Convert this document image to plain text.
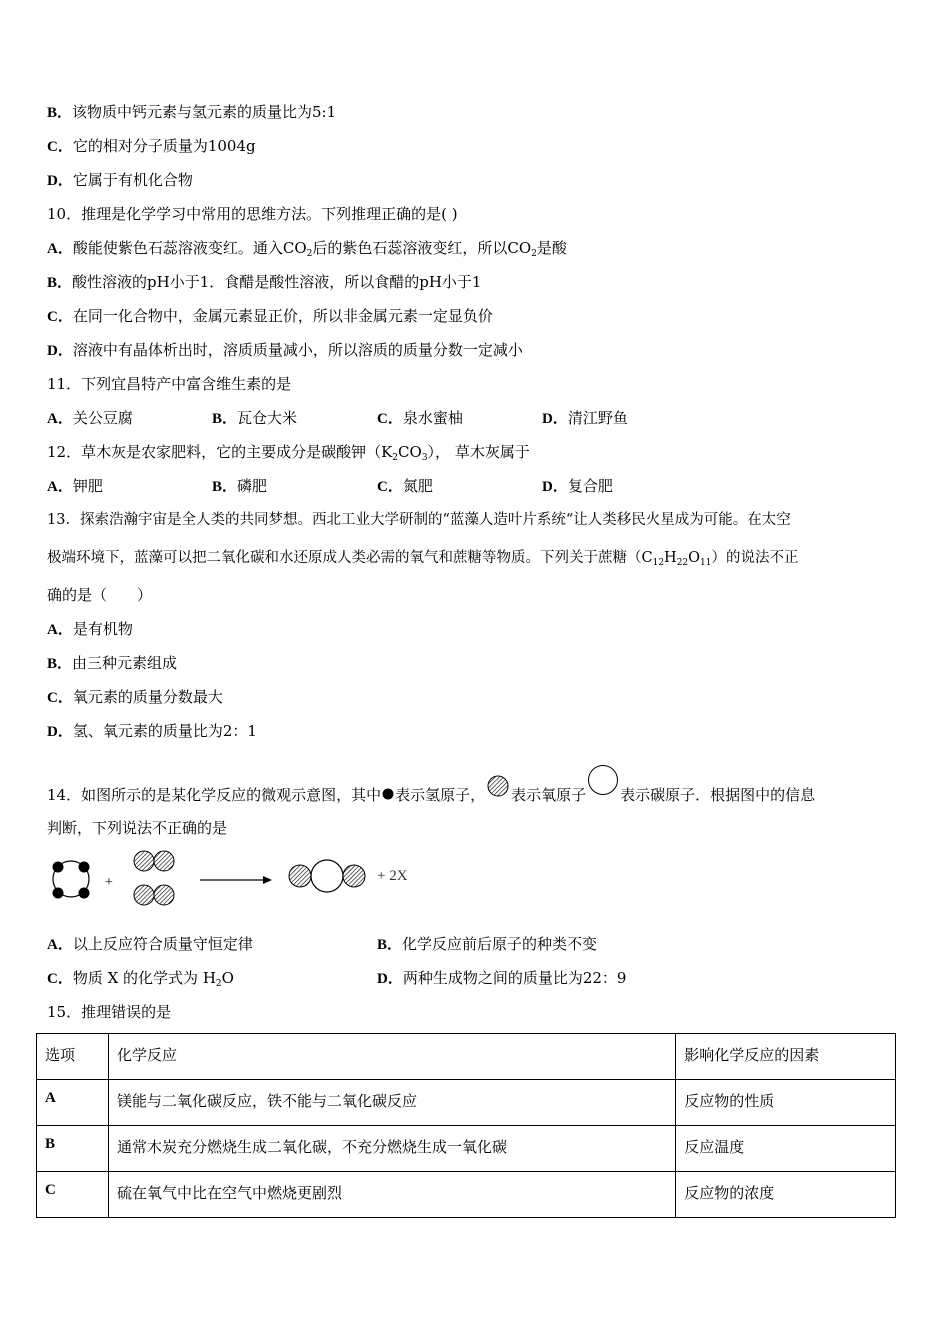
B．该物质中钙元素与氢元素的质量比为5:1
C．它的相对分子质量为1004g
D．它属于有机化合物
10．推理是化学学习中常用的思维方法。下列推理正确的是( )
A．酸能使紫色石蕊溶液变红。通入$CO_2$后的紫色石蕊溶液变红，所以$CO_2$是酸
B．酸性溶液的pH小于1．食醋是酸性溶液，所以食醋的pH小于1
C．在同一化合物中，金属元素显正价，所以非金属元素一定显负价
D．溶液中有晶体析出时，溶质质量减小，所以溶质的质量分数一定减小
11．下列宜昌特产中富含维生素的是
A．关公豆腐	B．瓦仓大米	C．泉水蜜柚	D．清江野鱼
12．草木灰是农家肥料，它的主要成分是碳酸钾$(K_2CO_3)$， 草木灰属于
A．钾肥	B．磷肥	C．氮肥	D．复合肥
13．探索浩瀚宇宙是全人类的共同梦想。西北工业大学研制的“蓝藻人造叶片系统“让人类移民火星成为可能。在太空
极端环境下，蓝藻可以把二氧化碳和水还原成人类必需的氧气和蔗糖等物质。下列关于蔗糖$(C_{12}H_{22}O_{11})$的说法不正
确的是（　　）
A．是有机物
B．由三种元素组成
C．氧元素的质量分数最大
D．氢、氧元素的质量比为2：1
14．如图所示的是某化学反应的微观示意图，其中 表示氢原子， 表示氧原子 表示碳原子．根据图中的信息
判断，下列说法不正确的是
+	+ 2X
A．以上反应符合质量守恒定律	B．化学反应前后原子的种类不变
C．物质 X 的化学式为 $H_2O$	D．两种生成物之间的质量比为22：9
15．推理错误的是
选项	化学反应	影响化学反应的因素
A	镁能与二氧化碳反应，铁不能与二氧化碳反应	反应物的性质
B	通常木炭充分燃烧生成二氧化碳，不充分燃烧生成一氧化碳	反应温度
C	硫在氧气中比在空气中燃烧更剧烈	反应物的浓度
